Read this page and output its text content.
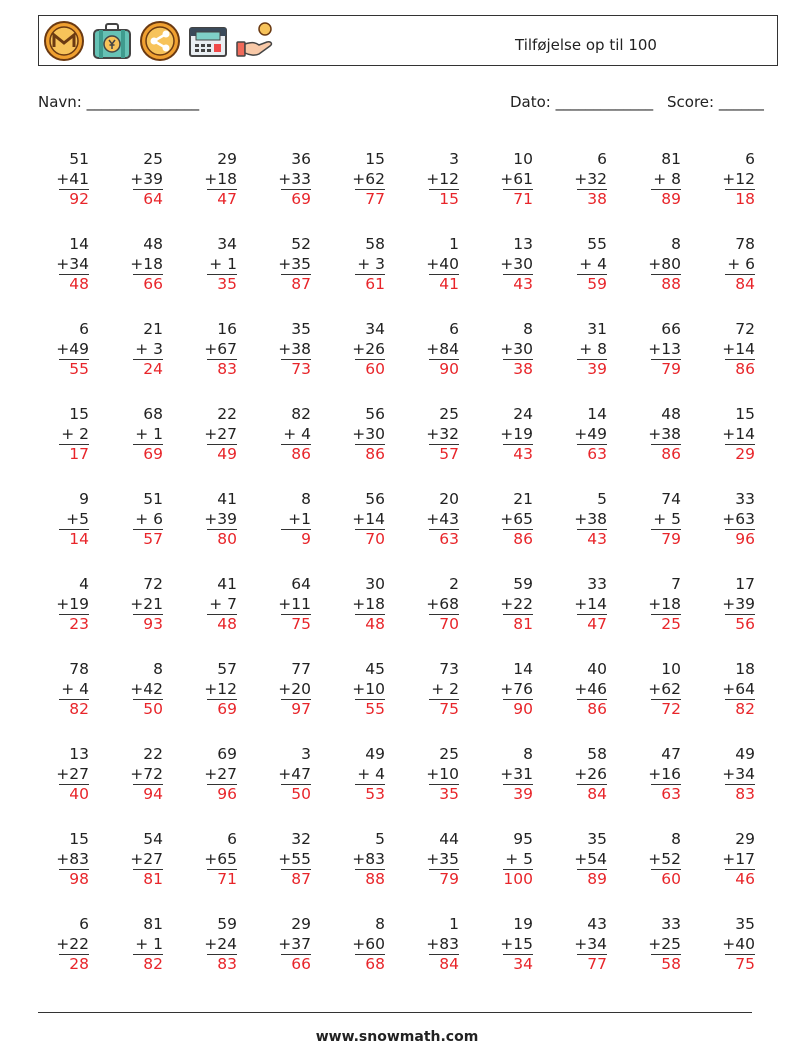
Tilføjelse op til 100
Navn: _______________	Dato: _____________ Score: ______
51
+41
92
25
+39
64
29
+18
47
36
+33
69
15
+62
77
3
+12
15
10
+61
71
6
+32
38
81
+ 8
89
6
+12
18
14
+34
48
48
+18
66
34
+ 1
35
52
+35
87
58
+ 3
61
1
+40
41
13
+30
43
55
+ 4
59
8
+80
88
78
+ 6
84
6
+49
55
21
+ 3
24
16
+67
83
35
+38
73
34
+26
60
6
+84
90
8
+30
38
31
+ 8
39
66
+13
79
72
+14
86
15
+ 2
17
68
+ 1
69
22
+27
49
82
+ 4
86
56
+30
86
25
+32
57
24
+19
43
14
+49
63
48
+38
86
15
+14
29
9
+5
14
51
+ 6
57
41
+39
80
8
+1
9
56
+14
70
20
+43
63
21
+65
86
5
+38
43
74
+ 5
79
33
+63
96
4
+19
23
72
+21
93
41
+ 7
48
64
+11
75
30
+18
48
2
+68
70
59
+22
81
33
+14
47
7
+18
25
17
+39
56
78
+ 4
82
8
+42
50
57
+12
69
77
+20
97
45
+10
55
73
+ 2
75
14
+76
90
40
+46
86
10
+62
72
18
+64
82
13
+27
40
22
+72
94
69
+27
96
3
+47
50
49
+ 4
53
25
+10
35
8
+31
39
58
+26
84
47
+16
63
49
+34
83
15
+83
98
54
+27
81
6
+65
71
32
+55
87
5
+83
88
44
+35
79
95
+ 5
100
35
+54
89
8
+52
60
29
+17
46
6
+22
28
81
+ 1
82
59
+24
83
29
+37
66
8
+60
68
1
+83
84
19
+15
34
43
+34
77
33
+25
58
35
+40
75
www.snowmath.com
